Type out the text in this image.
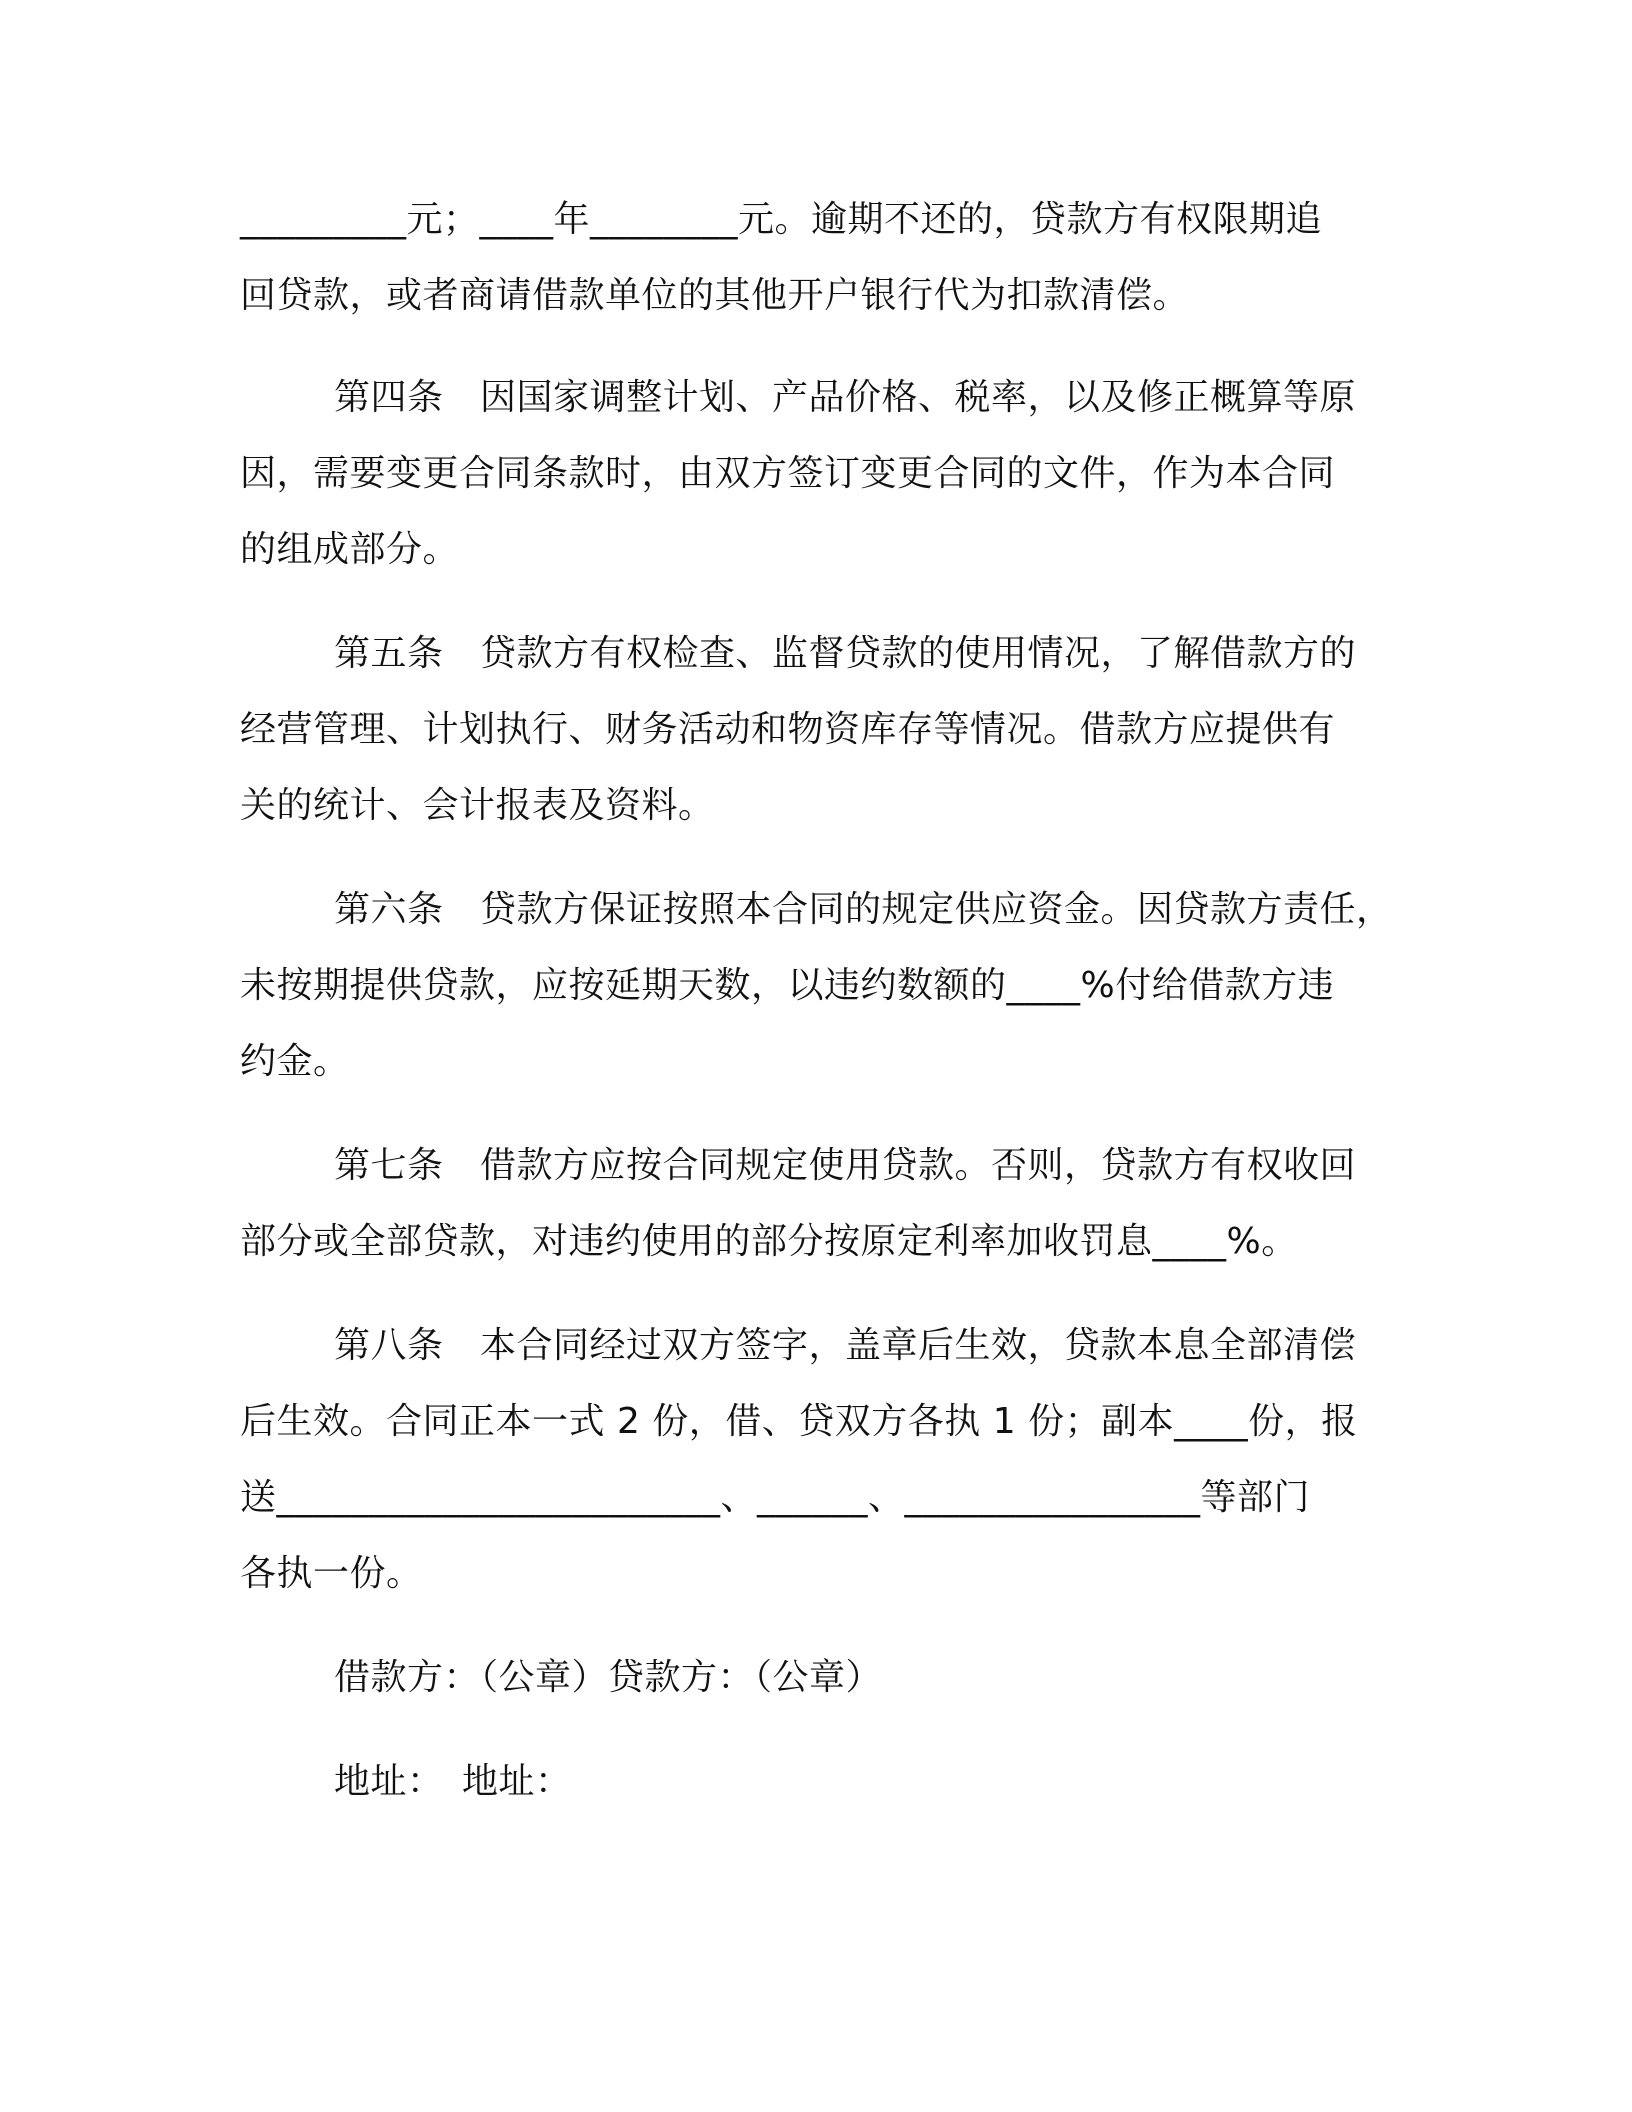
_________元；____年________元。逾期不还的，贷款方有权限期追
回贷款，或者商请借款单位的其他开户银行代为扣款清偿。
第四条　因国家调整计划、产品价格、税率，以及修正概算等原
因，需要变更合同条款时，由双方签订变更合同的文件，作为本合同
的组成部分。
第五条　贷款方有权检查、监督贷款的使用情况，了解借款方的
经营管理、计划执行、财务活动和物资库存等情况。借款方应提供有
关的统计、会计报表及资料。
第六条　贷款方保证按照本合同的规定供应资金。因贷款方责任，
未按期提供贷款，应按延期天数，以违约数额的____%付给借款方违
约金。
第七条　借款方应按合同规定使用贷款。否则，贷款方有权收回
部分或全部贷款，对违约使用的部分按原定利率加收罚息____%。
第八条　本合同经过双方签字，盖章后生效，贷款本息全部清偿
后生效。合同正本一式 2 份，借、贷双方各执 1 份；副本____份，报
送________________________、______、________________等部门
各执一份。
借款方：（公章）贷款方：（公章）
地址：　地址：
